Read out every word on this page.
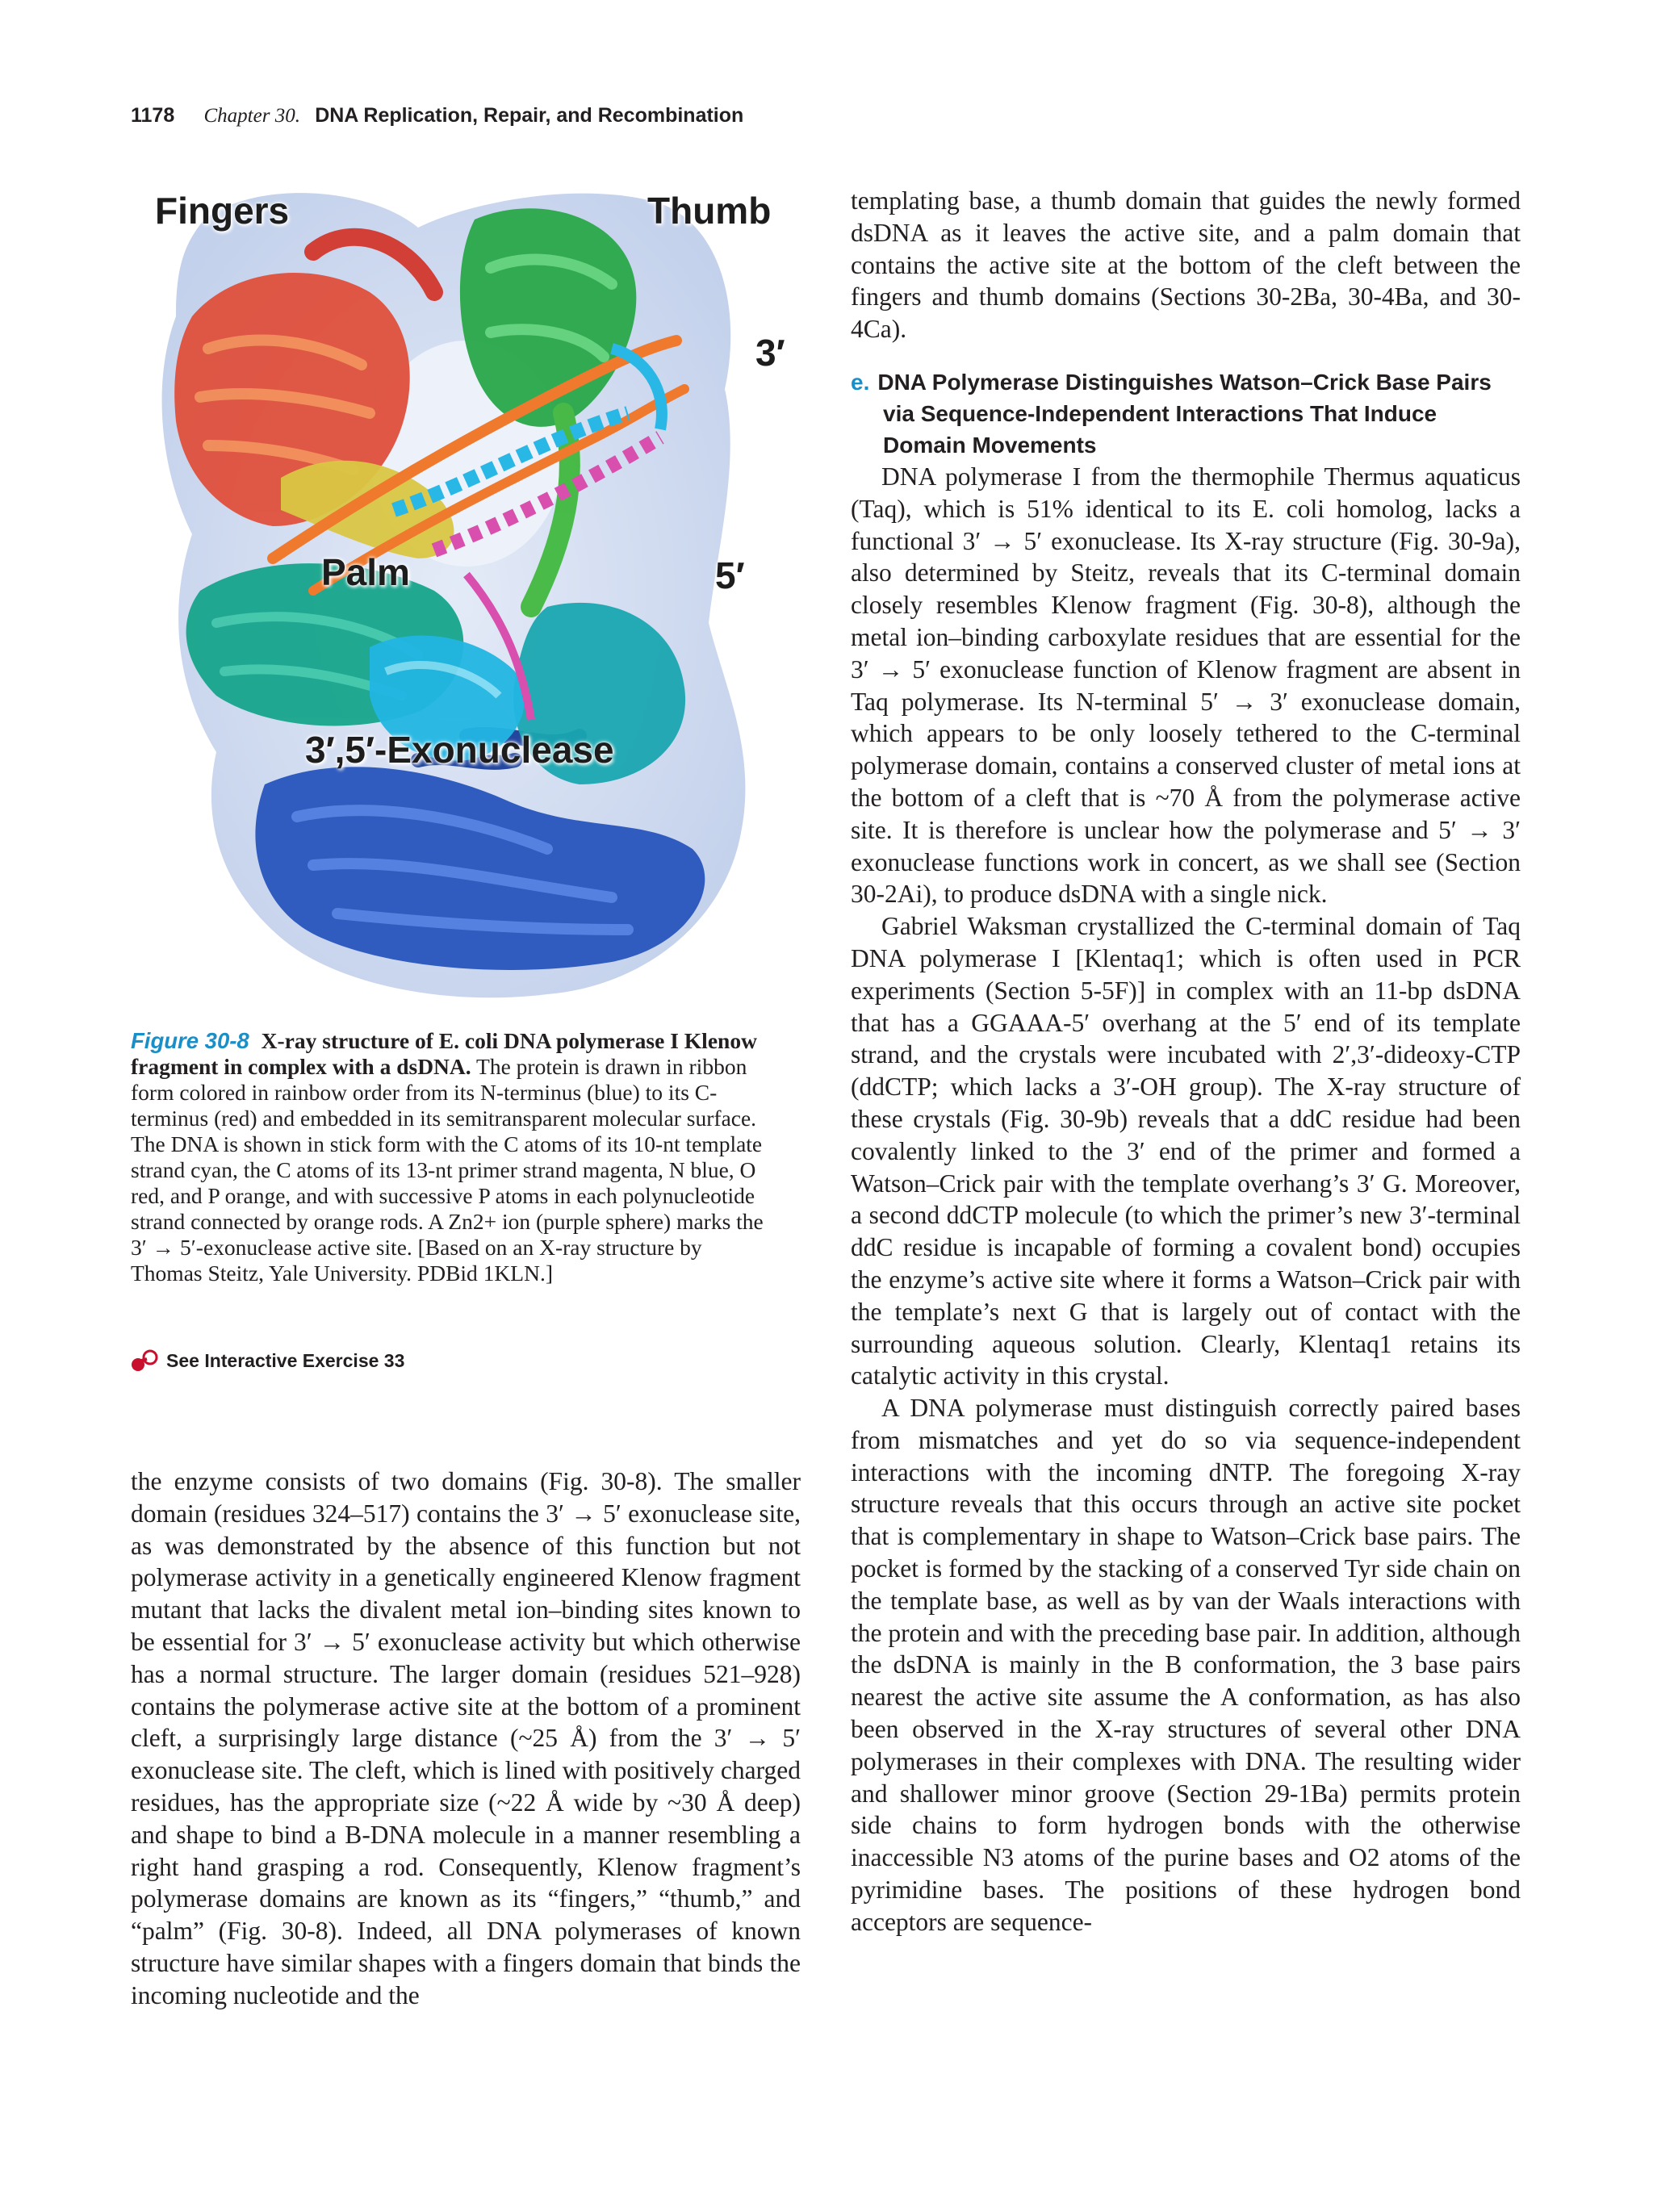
1178 Chapter 30. DNA Replication, Repair, and Recombination
Fingers	Thumb
3′
Palm	5′
3′,5′-Exonuclease

Figure 30-8 X-ray structure of E. coli DNA polymerase I Klenow fragment in complex with a dsDNA. The protein is drawn in ribbon form colored in rainbow order from its N-terminus (blue) to its C-terminus (red) and embedded in its semitransparent molecular surface. The DNA is shown in stick form with the C atoms of its 10-nt template strand cyan, the C atoms of its 13-nt primer strand magenta, N blue, O red, and P orange, and with successive P atoms in each polynucleotide strand connected by orange rods. A Zn2+ ion (purple sphere) marks the 3′ → 5′-exonuclease active site. [Based on an X-ray structure by Thomas Steitz, Yale University. PDBid 1KLN.]

See Interactive Exercise 33

the enzyme consists of two domains (Fig. 30-8). The smaller domain (residues 324–517) contains the 3′ → 5′ exonuclease site, as was demonstrated by the absence of this function but not polymerase activity in a genetically engineered Klenow fragment mutant that lacks the divalent metal ion–binding sites known to be essential for 3′ → 5′ exonuclease activity but which otherwise has a normal structure. The larger domain (residues 521–928) contains the polymerase active site at the bottom of a prominent cleft, a surprisingly large distance (~25 Å) from the 3′ → 5′ exonuclease site. The cleft, which is lined with positively charged residues, has the appropriate size (~22 Å wide by ~30 Å deep) and shape to bind a B-DNA molecule in a manner resembling a right hand grasping a rod. Consequently, Klenow fragment’s polymerase domains are known as its “fingers,” “thumb,” and “palm” (Fig. 30-8). Indeed, all DNA polymerases of known structure have similar shapes with a fingers domain that binds the incoming nucleotide and the

templating base, a thumb domain that guides the newly formed dsDNA as it leaves the active site, and a palm domain that contains the active site at the bottom of the cleft between the fingers and thumb domains (Sections 30-2Ba, 30-4Ba, and 30-4Ca).

e. DNA Polymerase Distinguishes Watson–Crick Base Pairs via Sequence-Independent Interactions That Induce Domain Movements

DNA polymerase I from the thermophile Thermus aquaticus (Taq), which is 51% identical to its E. coli homolog, lacks a functional 3′ → 5′ exonuclease. Its X-ray structure (Fig. 30-9a), also determined by Steitz, reveals that its C-terminal domain closely resembles Klenow fragment (Fig. 30-8), although the metal ion–binding carboxylate residues that are essential for the 3′ → 5′ exonuclease function of Klenow fragment are absent in Taq polymerase. Its N-terminal 5′ → 3′ exonuclease domain, which appears to be only loosely tethered to the C-terminal polymerase domain, contains a conserved cluster of metal ions at the bottom of a cleft that is ~70 Å from the polymerase active site. It is therefore is unclear how the polymerase and 5′ → 3′ exonuclease functions work in concert, as we shall see (Section 30-2Ai), to produce dsDNA with a single nick.

Gabriel Waksman crystallized the C-terminal domain of Taq DNA polymerase I [Klentaq1; which is often used in PCR experiments (Section 5-5F)] in complex with an 11-bp dsDNA that has a GGAAA-5′ overhang at the 5′ end of its template strand, and the crystals were incubated with 2′,3′-dideoxy-CTP (ddCTP; which lacks a 3′-OH group). The X-ray structure of these crystals (Fig. 30-9b) reveals that a ddC residue had been covalently linked to the 3′ end of the primer and formed a Watson–Crick pair with the template overhang’s 3′ G. Moreover, a second ddCTP molecule (to which the primer’s new 3′-terminal ddC residue is incapable of forming a covalent bond) occupies the enzyme’s active site where it forms a Watson–Crick pair with the template’s next G that is largely out of contact with the surrounding aqueous solution. Clearly, Klentaq1 retains its catalytic activity in this crystal.

A DNA polymerase must distinguish correctly paired bases from mismatches and yet do so via sequence-independent interactions with the incoming dNTP. The foregoing X-ray structure reveals that this occurs through an active site pocket that is complementary in shape to Watson–Crick base pairs. The pocket is formed by the stacking of a conserved Tyr side chain on the template base, as well as by van der Waals interactions with the protein and with the preceding base pair. In addition, although the dsDNA is mainly in the B conformation, the 3 base pairs nearest the active site assume the A conformation, as has also been observed in the X-ray structures of several other DNA polymerases in their complexes with DNA. The resulting wider and shallower minor groove (Section 29-1Ba) permits protein side chains to form hydrogen bonds with the otherwise inaccessible N3 atoms of the purine bases and O2 atoms of the pyrimidine bases. The positions of these hydrogen bond acceptors are sequence-
